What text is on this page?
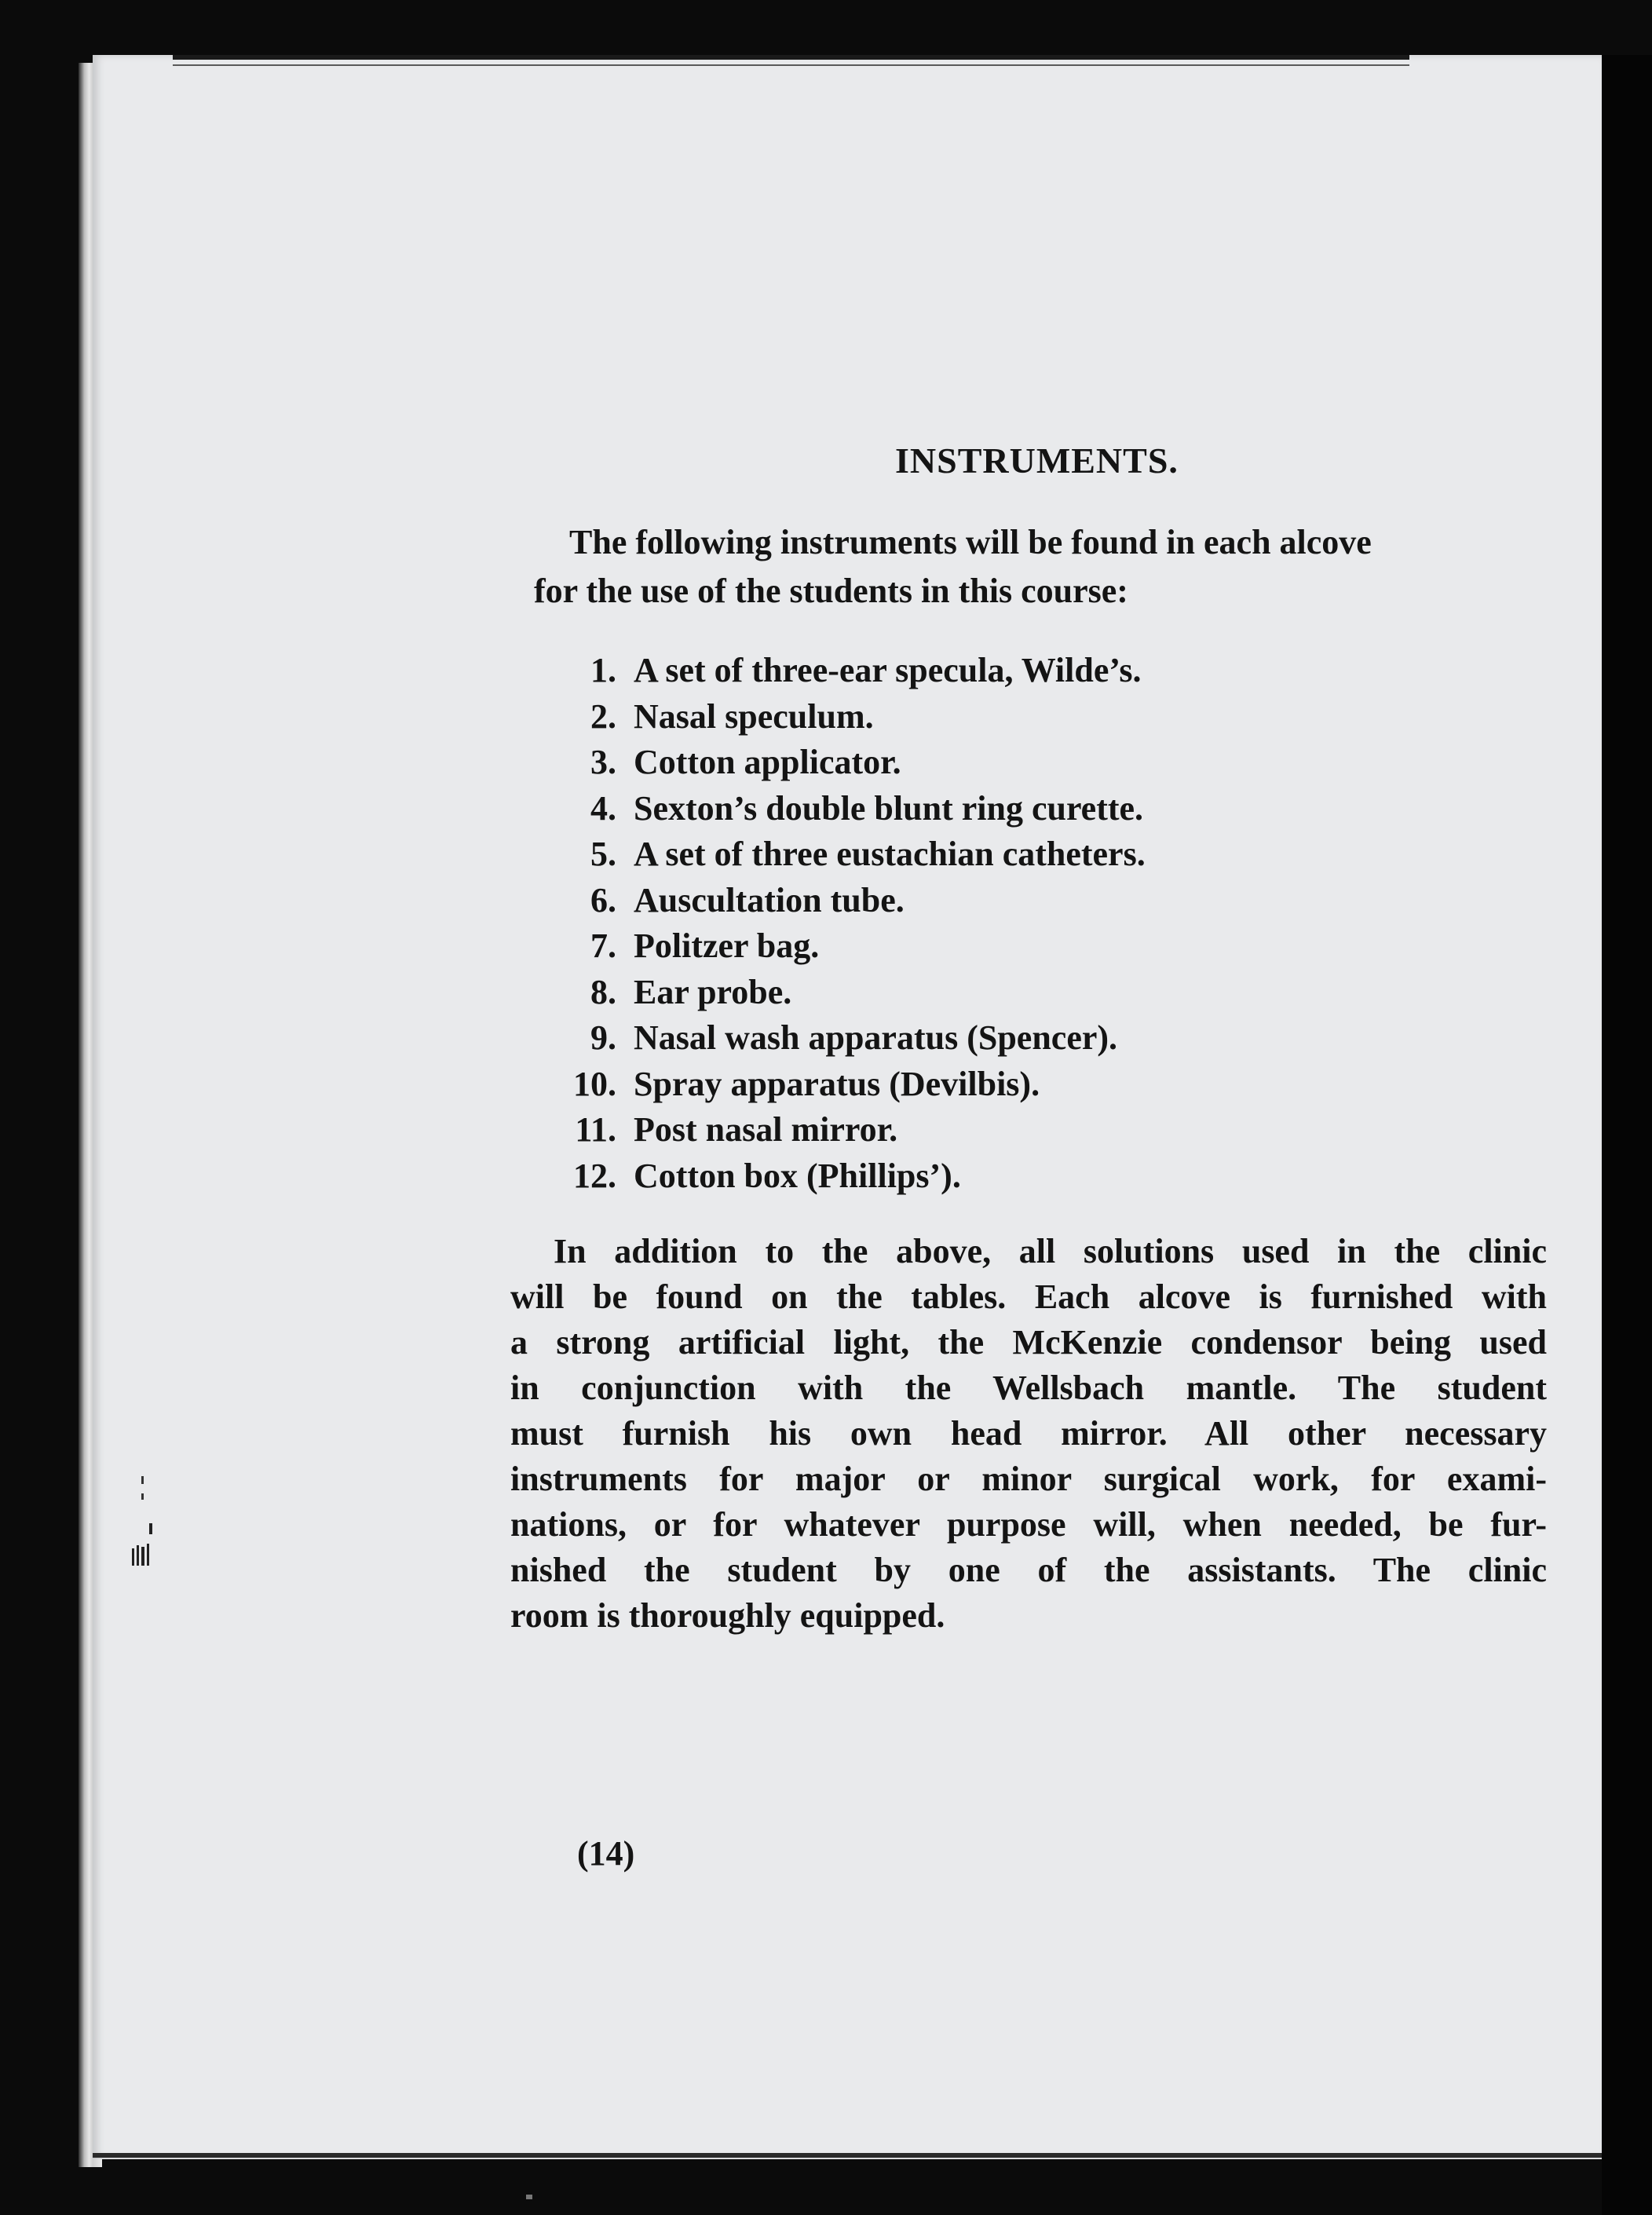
INSTRUMENTS.

The following instruments will be found in each alcove
for the use of the students in this course:

1. A set of three-ear specula, Wilde’s.
2. Nasal speculum.
3. Cotton applicator.
4. Sexton’s double blunt ring curette.
5. A set of three eustachian catheters.
6. Auscultation tube.
7. Politzer bag.
8. Ear probe.
9. Nasal wash apparatus (Spencer).
10. Spray apparatus (Devilbis).
11. Post nasal mirror.
12. Cotton box (Phillips’).

In addition to the above, all solutions used in the clinic
will be found on the tables. Each alcove is furnished with
a strong artificial light, the McKenzie condensor being used
in conjunction with the Wellsbach mantle. The student
must furnish his own head mirror. All other necessary
instruments for major or minor surgical work, for exami-
nations, or for whatever purpose will, when needed, be fur-
nished the student by one of the assistants. The clinic
room is thoroughly equipped.

(14)
